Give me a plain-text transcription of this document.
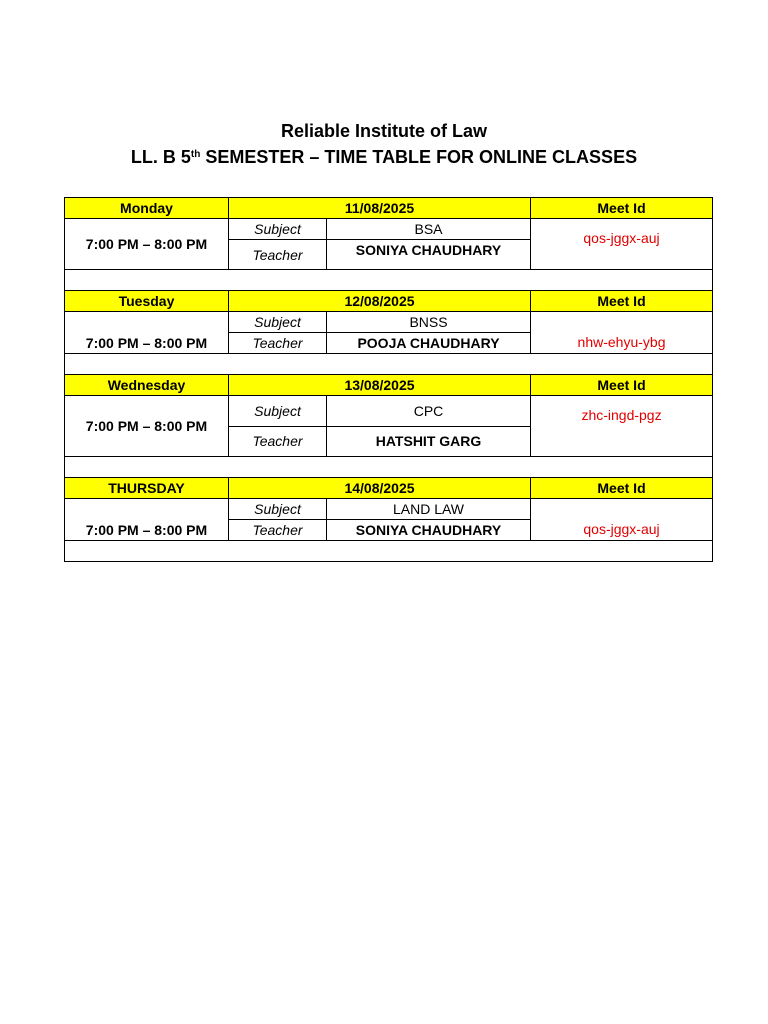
Reliable Institute of Law
LL. B 5th SEMESTER – TIME TABLE FOR ONLINE CLASSES
Monday	11/08/2025		Meet Id
7:00 PM – 8:00 PM	Subject	BSA	qos-jggx-auj
	Teacher	SONIYA CHAUDHARY	

Tuesday	12/08/2025		Meet Id
7:00 PM – 8:00 PM	Subject	BNSS	nhw-ehyu-ybg
	Teacher	POOJA CHAUDHARY	

Wednesday	13/08/2025		Meet Id
7:00 PM – 8:00 PM	Subject	CPC	zhc-ingd-pgz
	Teacher	HATSHIT GARG	

THURSDAY	14/08/2025		Meet Id
7:00 PM – 8:00 PM	Subject	LAND LAW	qos-jggx-auj
	Teacher	SONIYA CHAUDHARY	
